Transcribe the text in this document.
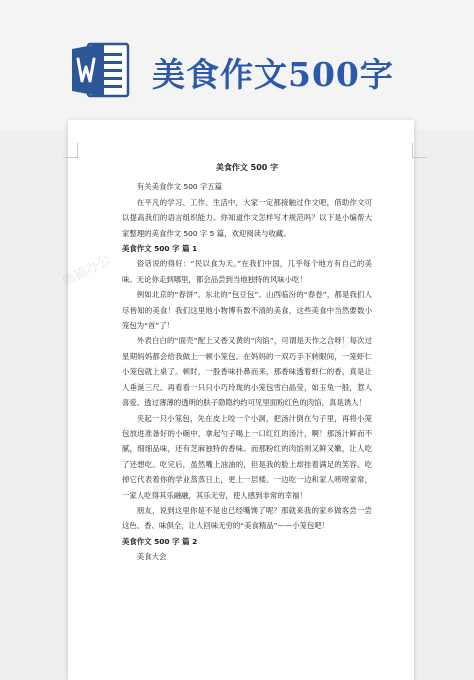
美食作文500字
熊猫办公
熊猫办公
熊猫办公
美食作文 500 字

有关美食作文 500 字五篇

在平凡的学习、工作、生活中，大家一定都接触过作文吧，借助作文可以提高我们的语言组织能力。你知道作文怎样写才规范吗？以下是小编帮大家整理的美食作文 500 字 5 篇，欢迎阅读与收藏。

美食作文 500 字 篇 1

俗话说的得好：“民以食为天。”在我们中国，几乎每个地方有自己的美味。无论你走到哪里，都会品尝到当地独特的风味小吃！

例如北京的“春饼”、东北的“包豆包”、山西临汾的“春卷”，都是我们人尽皆知的美食！我们这里地小物博有数不清的美食，这些美食中当然要数小笼包为“首”了！

外表白白的“面壳”配上又香又黄的“肉馅”，可谓是天作之合呀！每次过星期妈妈都会给我做上一顿小笼包。在妈妈的一双巧手下转眼间，一笼虾仁小笼包就上桌了。顿时，一股香味扑鼻而来，那香味透着虾仁的香，真是让人垂涎三尺。再看看一只只小巧玲珑的小笼包雪白晶莹，如玉兔一般，惹人喜爱。透过薄薄的透明的肤子隐隐约约可见里面粉红色的肉馅，真是诱人！

夹起一只小笼包，先在皮上咬一个小洞，把汤汁倒在勺子里，再将小笼包放进准备好的小碗中，拿起勺子喝上一口红红的汤汁，啊！那汤汁鲜而不腻，细细品味，还有芝麻独特的香味。而那粉红的肉馅则又鲜又嫩，让人吃了还想吃。吃完后，虽然嘴上油油的，但是我的脸上却挂着满足的笑容。吃掉它代表着你的学业蒸蒸日上，更上一层楼。一边吃一边和家人唠唠家常，一家人吃得其乐融融，其乐无穷，使人感到非常的幸福！

朋友，说到这里你是不是也已经嘴馋了呢？那就来我的家乡做客尝一尝这色、香、味俱全，让人回味无穷的“美食精品”——小笼包吧！

美食作文 500 字 篇 2

美食大会
